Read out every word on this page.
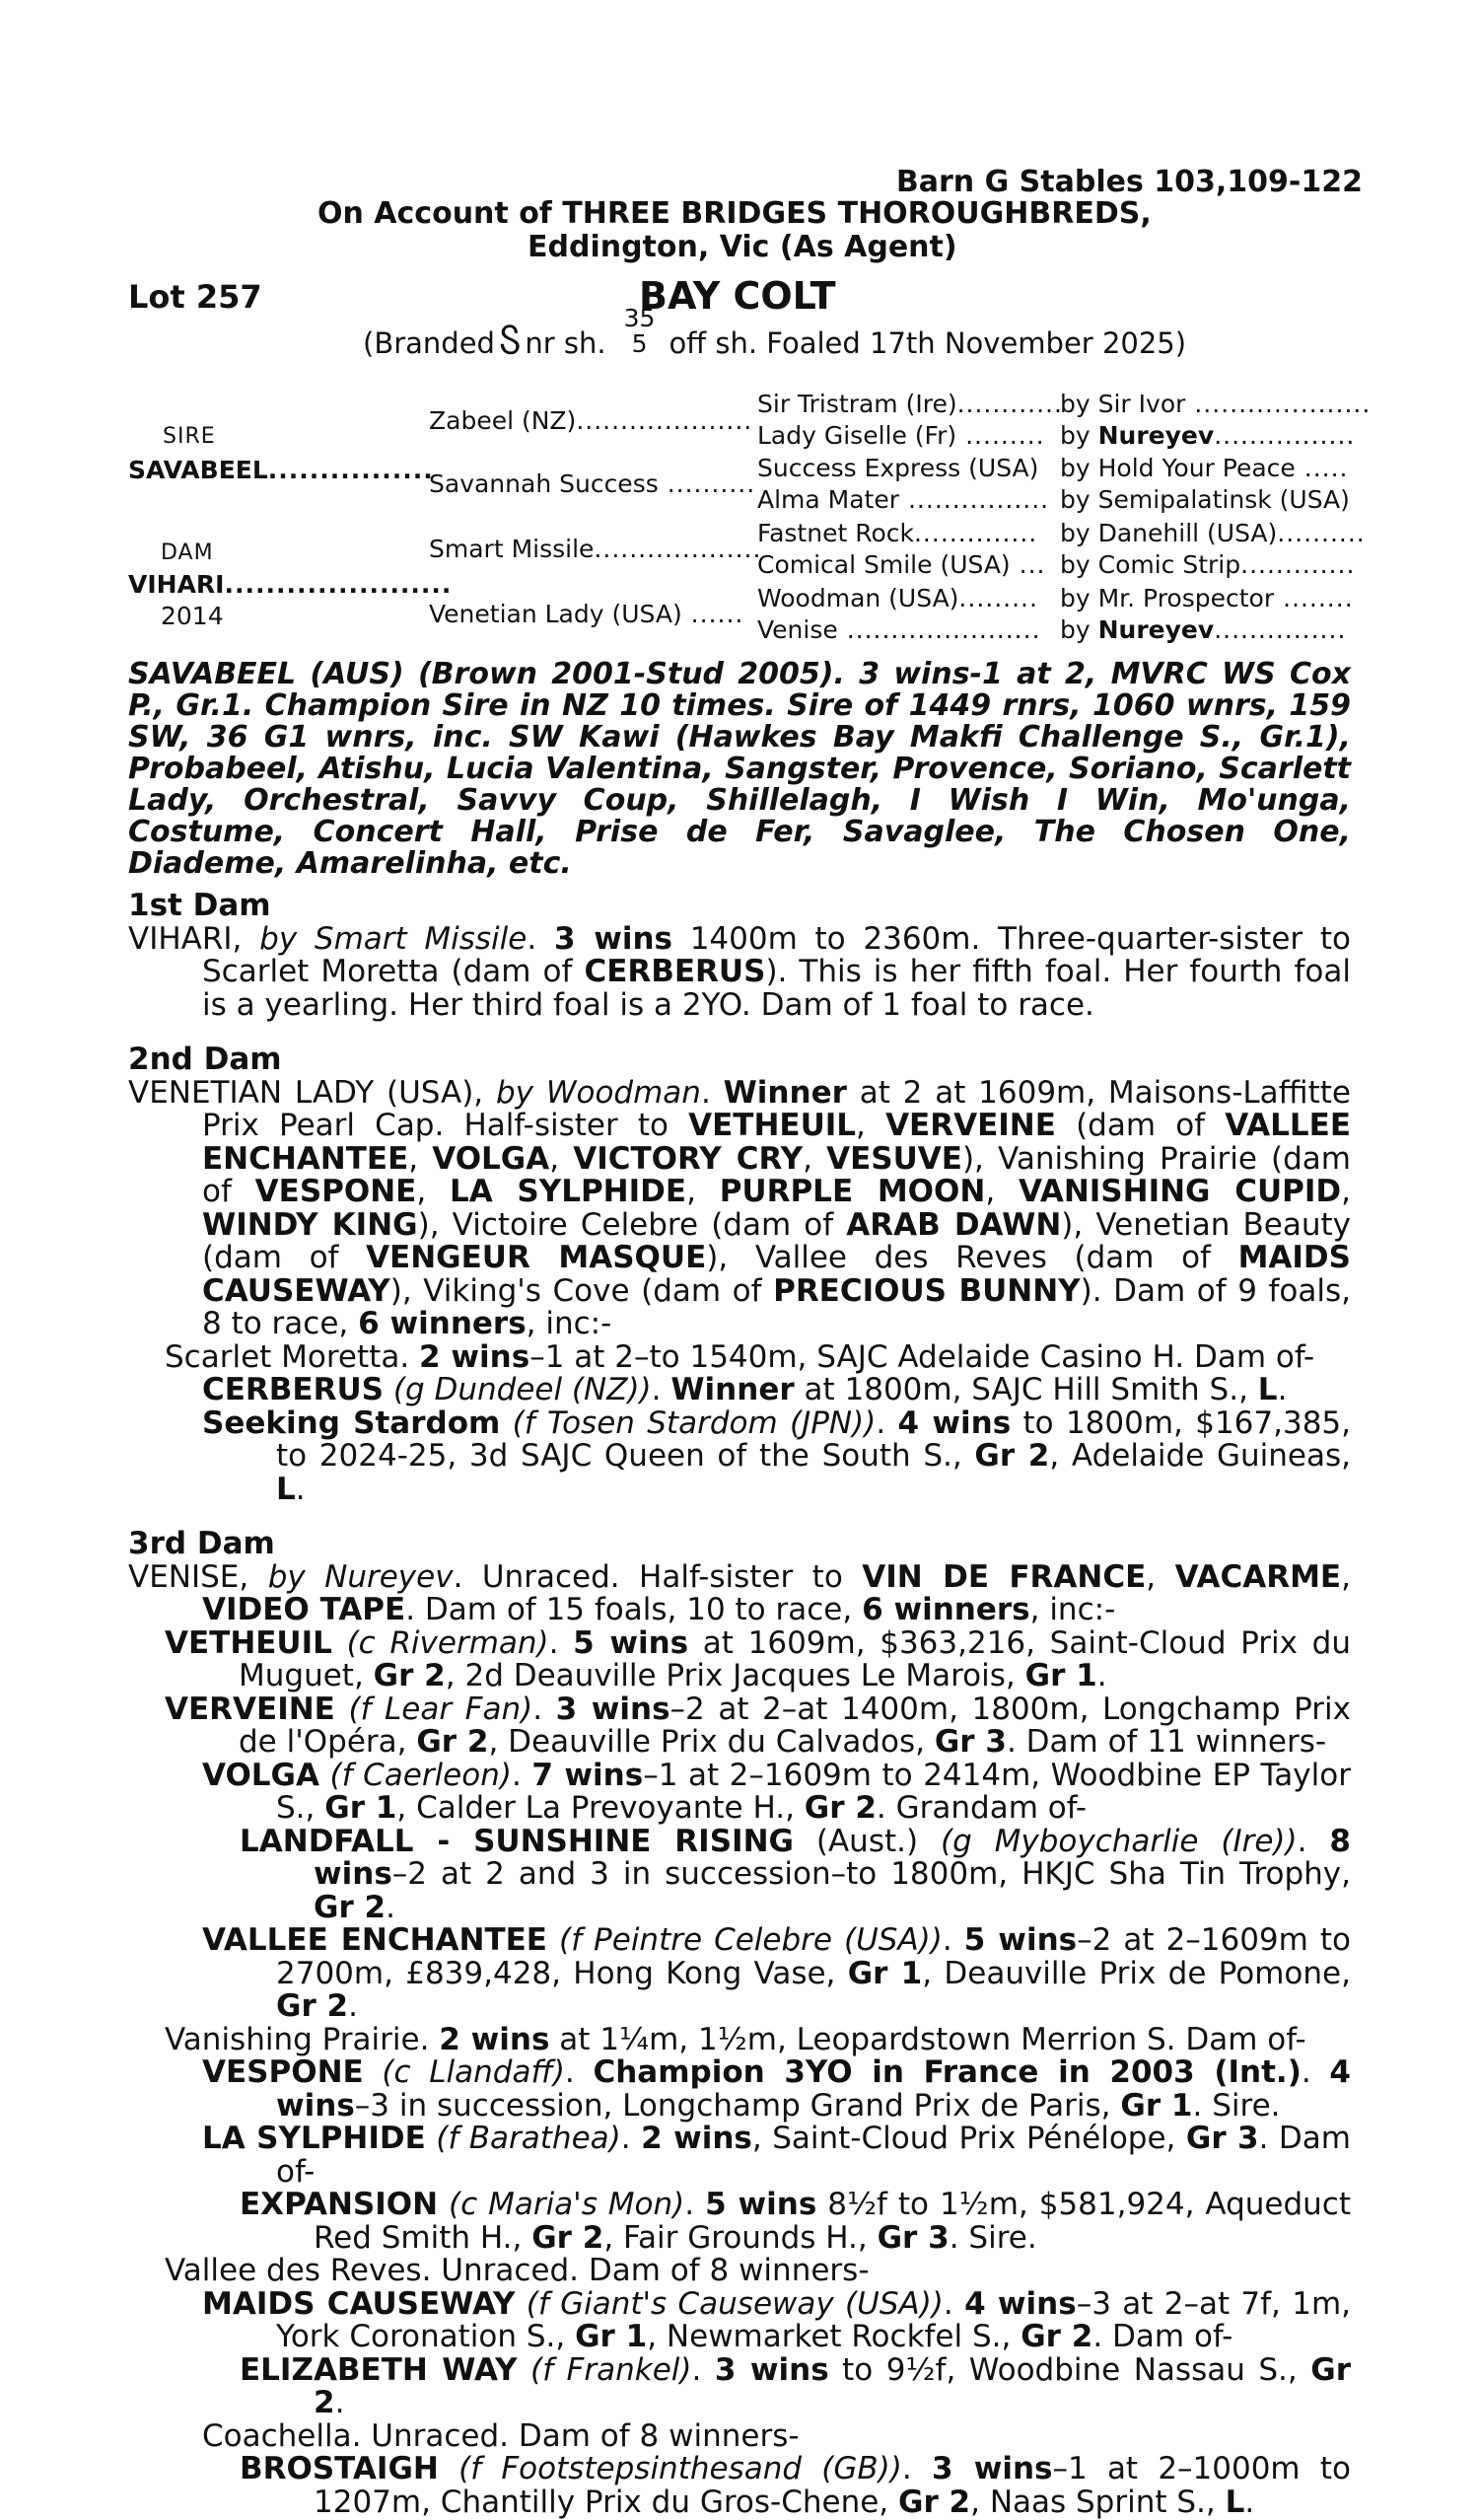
Barn G Stables 103,109-122
On Account of THREE BRIDGES THOROUGHBREDS,
Eddington, Vic (As Agent)
Lot 257	BAY COLT
(Branded Ⴝ nr sh.
35
5 off sh. Foaled 17th November 2025)
SIRE
SAVABEEL................
DAM
VIHARI......................
2014
Zabeel (NZ)....................
Savannah Success ..........
Smart Missile...................
Venetian Lady (USA) ......
Sir Tristram (Ire)............
by Sir Ivor ....................
Lady Giselle (Fr) ......... by Nureyev................
Success Express (USA) by Hold Your Peace .....
Alma Mater ................ by Semipalatinsk (USA)
Fastnet Rock.............. by Danehill (USA)..........
Comical Smile (USA) ... by Comic Strip.............
Woodman (USA)......... by Mr. Prospector ........
Venise ...................... by Nureyev...............
SAVABEEL (AUS) (Brown 2001-Stud 2005). 3 wins-1 at 2, MVRC WS Cox P., Gr.1. Champion Sire in NZ 10 times. Sire of 1449 rnrs, 1060 wnrs, 159 SW, 36 G1 wnrs, inc. SW Kawi (Hawkes Bay Makfi Challenge S., Gr.1), Probabeel, Atishu, Lucia Valentina, Sangster, Provence, Soriano, Scarlett Lady, Orchestral, Savvy Coup, Shillelagh, I Wish I Win, Mo'unga, Costume, Concert Hall, Prise de Fer, Savaglee, The Chosen One, Diademe, Amarelinha, etc.
1st Dam

VIHARI, by Smart Missile. 3 wins 1400m to 2360m. Three-quarter-sister to Scarlet Moretta (dam of CERBERUS). This is her fifth foal. Her fourth foal is a yearling. Her third foal is a 2YO. Dam of 1 foal to race.

2nd Dam

VENETIAN LADY (USA), by Woodman. Winner at 2 at 1609m, Maisons-Laffitte Prix Pearl Cap. Half-sister to VETHEUIL, VERVEINE (dam of VALLEE ENCHANTEE, VOLGA, VICTORY CRY, VESUVE), Vanishing Prairie (dam of VESPONE, LA SYLPHIDE, PURPLE MOON, VANISHING CUPID, WINDY KING), Victoire Celebre (dam of ARAB DAWN), Venetian Beauty (dam of VENGEUR MASQUE), Vallee des Reves (dam of MAIDS CAUSEWAY), Viking's Cove (dam of PRECIOUS BUNNY). Dam of 9 foals, 8 to race, 6 winners, inc:-

Scarlet Moretta. 2 wins–1 at 2–to 1540m, SAJC Adelaide Casino H. Dam of-

CERBERUS (g Dundeel (NZ)). Winner at 1800m, SAJC Hill Smith S., L.

Seeking Stardom (f Tosen Stardom (JPN)). 4 wins to 1800m, $167,385, to 2024-25, 3d SAJC Queen of the South S., Gr 2, Adelaide Guineas, L.

3rd Dam

VENISE, by Nureyev. Unraced. Half-sister to VIN DE FRANCE, VACARME, VIDEO TAPE. Dam of 15 foals, 10 to race, 6 winners, inc:-

VETHEUIL (c Riverman). 5 wins at 1609m, $363,216, Saint-Cloud Prix du Muguet, Gr 2, 2d Deauville Prix Jacques Le Marois, Gr 1.

VERVEINE (f Lear Fan). 3 wins–2 at 2–at 1400m, 1800m, Longchamp Prix de l'Opéra, Gr 2, Deauville Prix du Calvados, Gr 3. Dam of 11 winners-

VOLGA (f Caerleon). 7 wins–1 at 2–1609m to 2414m, Woodbine EP Taylor S., Gr 1, Calder La Prevoyante H., Gr 2. Grandam of-

LANDFALL - SUNSHINE RISING (Aust.) (g Myboycharlie (Ire)). 8 wins–2 at 2 and 3 in succession–to 1800m, HKJC Sha Tin Trophy, Gr 2.

VALLEE ENCHANTEE (f Peintre Celebre (USA)). 5 wins–2 at 2–1609m to 2700m, £839,428, Hong Kong Vase, Gr 1, Deauville Prix de Pomone, Gr 2.

Vanishing Prairie. 2 wins at 1¼m, 1½m, Leopardstown Merrion S. Dam of-

VESPONE (c Llandaff). Champion 3YO in France in 2003 (Int.). 4 wins–3 in succession, Longchamp Grand Prix de Paris, Gr 1. Sire.

LA SYLPHIDE (f Barathea). 2 wins, Saint-Cloud Prix Pénélope, Gr 3. Dam of-

EXPANSION (c Maria's Mon). 5 wins 8½f to 1½m, $581,924, Aqueduct Red Smith H., Gr 2, Fair Grounds H., Gr 3. Sire.

Vallee des Reves. Unraced. Dam of 8 winners-

MAIDS CAUSEWAY (f Giant's Causeway (USA)). 4 wins–3 at 2–at 7f, 1m, York Coronation S., Gr 1, Newmarket Rockfel S., Gr 2. Dam of-

ELIZABETH WAY (f Frankel). 3 wins to 9½f, Woodbine Nassau S., Gr 2.

Coachella. Unraced. Dam of 8 winners-

BROSTAIGH (f Footstepsinthesand (GB)). 3 wins–1 at 2–1000m to 1207m, Chantilly Prix du Gros-Chene, Gr 2, Naas Sprint S., L.
